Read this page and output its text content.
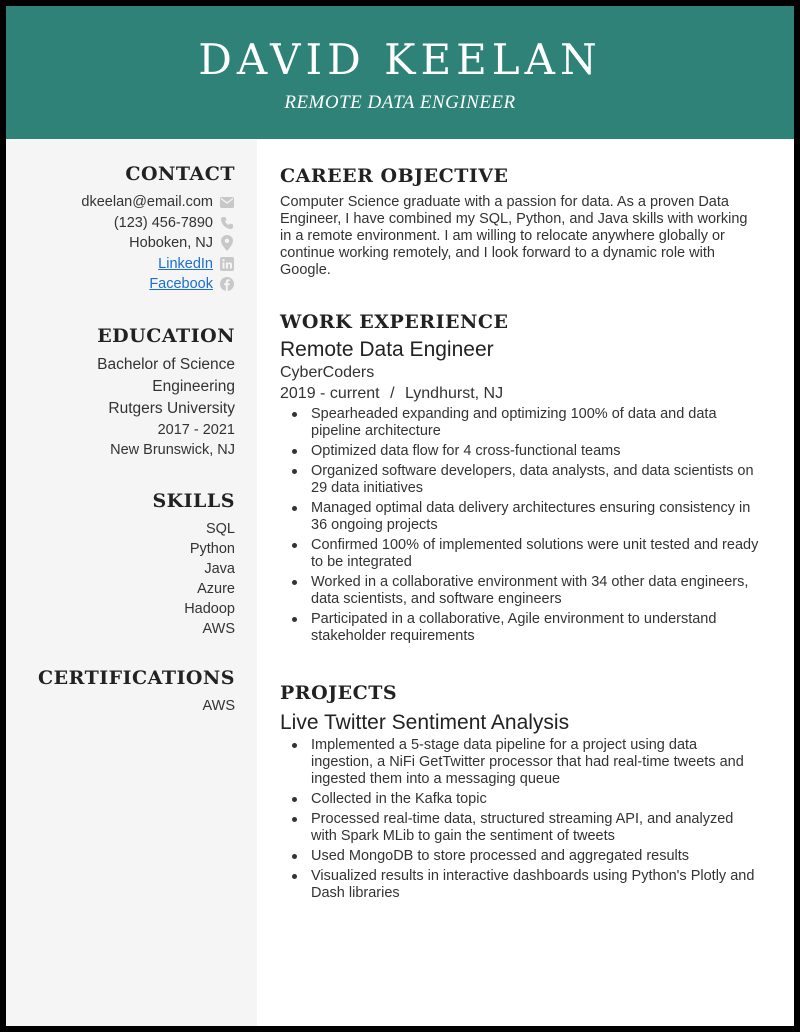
DAVID KEELAN
REMOTE DATA ENGINEER
CONTACT
dkeelan@email.com
(123) 456-7890
Hoboken, NJ
LinkedIn
Facebook
EDUCATION
Bachelor of Science
Engineering
Rutgers University
2017 - 2021
New Brunswick, NJ
SKILLS
SQL
Python
Java
Azure
Hadoop
AWS
CERTIFICATIONS
AWS
CAREER OBJECTIVE
Computer Science graduate with a passion for data. As a proven Data Engineer, I have combined my SQL, Python, and Java skills with working in a remote environment. I am willing to relocate anywhere globally or continue working remotely, and I look forward to a dynamic role with Google.
WORK EXPERIENCE
Remote Data Engineer
CyberCoders
2019 - current / Lyndhurst, NJ
Spearheaded expanding and optimizing 100% of data and data pipeline architecture
Optimized data flow for 4 cross-functional teams
Organized software developers, data analysts, and data scientists on 29 data initiatives
Managed optimal data delivery architectures ensuring consistency in 36 ongoing projects
Confirmed 100% of implemented solutions were unit tested and ready to be integrated
Worked in a collaborative environment with 34 other data engineers, data scientists, and software engineers
Participated in a collaborative, Agile environment to understand stakeholder requirements
PROJECTS
Live Twitter Sentiment Analysis
Implemented a 5-stage data pipeline for a project using data ingestion, a NiFi GetTwitter processor that had real-time tweets and ingested them into a messaging queue
Collected in the Kafka topic
Processed real-time data, structured streaming API, and analyzed with Spark MLib to gain the sentiment of tweets
Used MongoDB to store processed and aggregated results
Visualized results in interactive dashboards using Python's Plotly and Dash libraries
